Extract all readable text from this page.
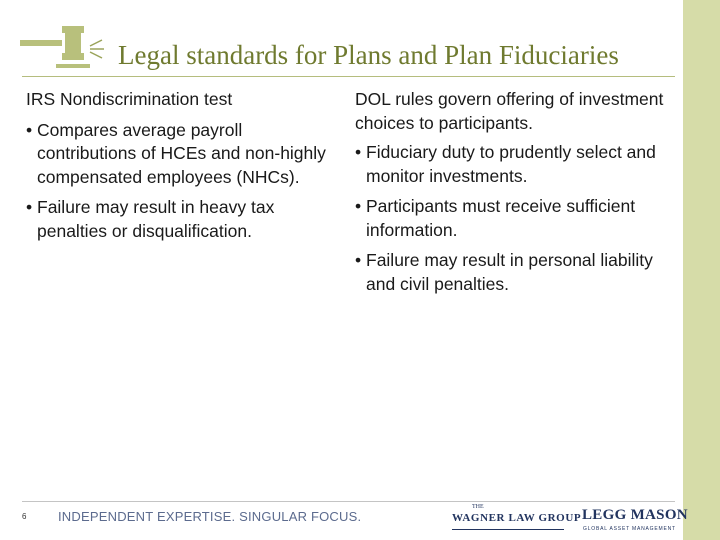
Legal standards for Plans and Plan Fiduciaries
IRS Nondiscrimination test
• Compares average payroll contributions of HCEs and non-highly compensated employees (NHCs).
• Failure may result in heavy tax penalties or disqualification.
DOL rules govern offering of investment choices to participants.
• Fiduciary duty to prudently select and monitor investments.
• Participants must receive sufficient information.
• Failure may result in personal liability and civil penalties.
6 INDEPENDENT EXPERTISE. SINGULAR FOCUS.
THE
WAGNER LAW GROUP LEGG MASON
GLOBAL ASSET MANAGEMENT
